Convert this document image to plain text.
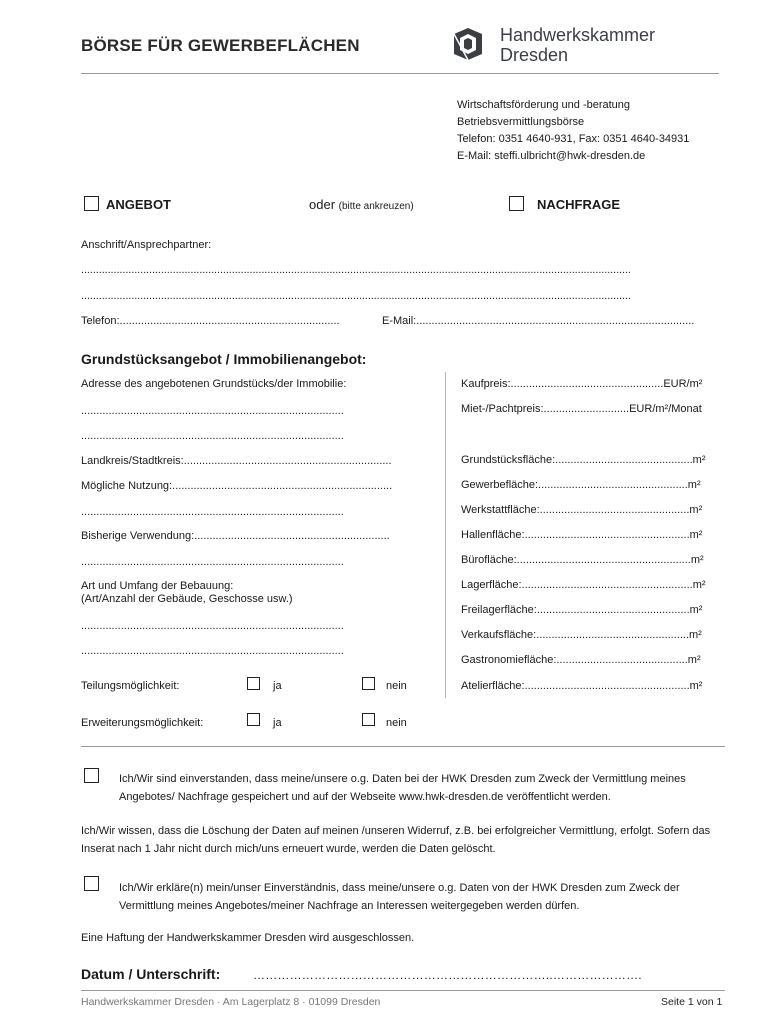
BÖRSE FÜR GEWERBEFLÄCHEN
Handwerkskammer
Dresden
Wirtschaftsförderung und -beratung
Betriebsvermittlungsbörse
Telefon: 0351 4640-931, Fax: 0351 4640-34931
E-Mail: steffi.ulbricht@hwk-dresden.de
ANGEBOT	oder (bitte ankreuzen)	NACHFRAGE
Anschrift/Ansprechpartner:
..........................................................................................................................................................................................
..........................................................................................................................................................................................
Telefon:........................................................................	E-Mail:...........................................................................................
Grundstücksangebot / Immobilienangebot:
Adresse des angebotenen Grundstücks/der Immobilie:
......................................................................................
......................................................................................
Landkreis/Stadtkreis:....................................................................
Mögliche Nutzung:........................................................................
......................................................................................
Bisherige Verwendung:................................................................
......................................................................................
Art und Umfang der Bebauung:
(Art/Anzahl der Gebäude, Geschosse usw.)
......................................................................................
......................................................................................
Teilungsmöglichkeit:	ja	nein
Erweiterungsmöglichkeit:	ja	nein
Kaufpreis:..................................................EUR/m²
Miet-/Pachtpreis:............................EUR/m²/Monat
Grundstücksfläche:.............................................m²
Gewerbefläche:.................................................m²
Werkstattfläche:.................................................m²
Hallenfläche:......................................................m²
Bürofläche:.........................................................m²
Lagerfläche:........................................................m²
Freilagerfläche:..................................................m²
Verkaufsfläche:..................................................m²
Gastronomiefläche:...........................................m²
Atelierfläche:......................................................m²
Ich/Wir sind einverstanden, dass meine/unsere o.g. Daten bei der HWK Dresden zum Zweck der Vermittlung meines Angebotes/ Nachfrage gespeichert und auf der Webseite www.hwk-dresden.de veröffentlicht werden.
Ich/Wir wissen, dass die Löschung der Daten auf meinen /unseren Widerruf, z.B. bei erfolgreicher Vermittlung, erfolgt. Sofern das Inserat nach 1 Jahr nicht durch mich/uns erneuert wurde, werden die Daten gelöscht.
Ich/Wir erkläre(n) mein/unser Einverständnis, dass meine/unsere o.g. Daten von der HWK Dresden zum Zweck der Vermittlung meines Angebotes/meiner Nachfrage an Interessen weitergegeben werden dürfen.
Eine Haftung der Handwerkskammer Dresden wird ausgeschlossen.
Datum / Unterschrift:	………………………………………………………………..………………….
Handwerkskammer Dresden · Am Lagerplatz 8 · 01099 Dresden	Seite 1 von 1
